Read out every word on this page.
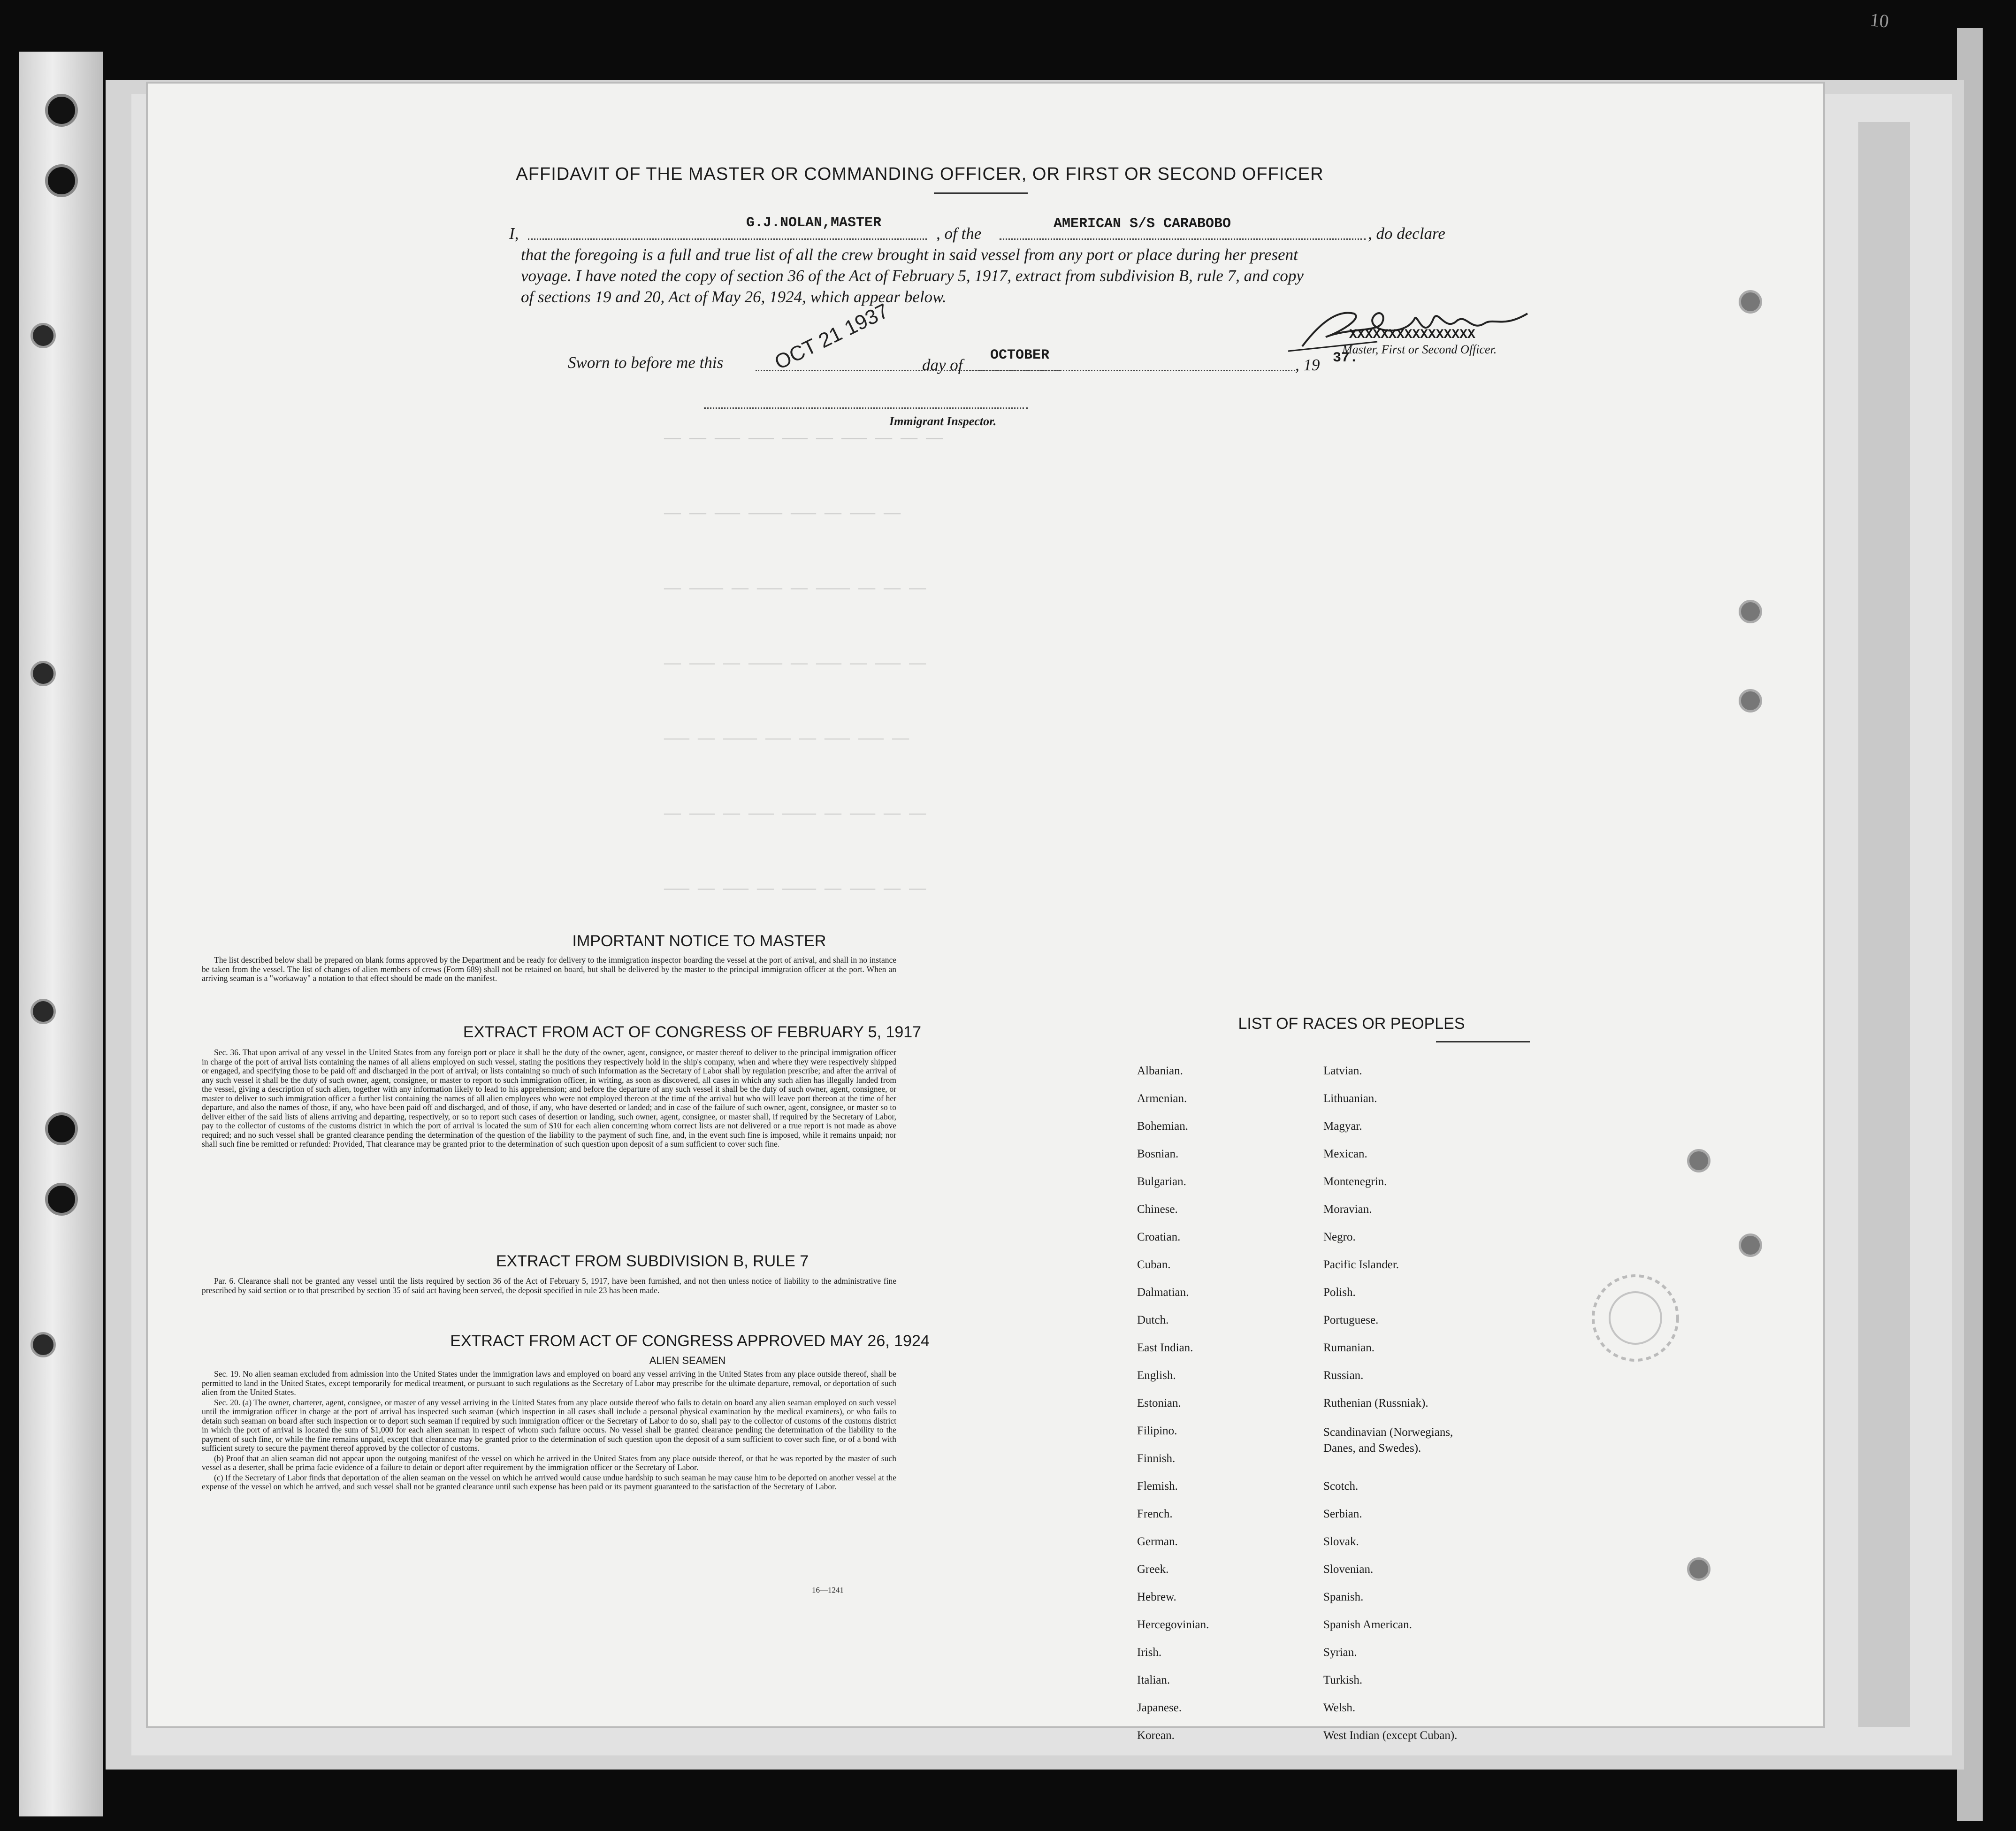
10
—— —— ——— ——— ——— —— ——— —— —— ——
—— —— ——— ———— ——— —— ——— ——
—— ———— —— ——— —— ———— —— —— ——
—— ——— —— ———— —— ——— —— ——— ——
——— —— ———— ——— —— ——— ——— ——
—— ——— —— ——— ———— —— ——— —— ——
——— —— ——— —— ———— —— ——— —— ——
AFFIDAVIT OF THE MASTER OR COMMANDING OFFICER, OR FIRST OR SECOND OFFICER
I,
G.J.NOLAN,MASTER
, of the
AMERICAN S/S CARABOBO
, do declare
that the foregoing is a full and true list of all the crew brought in said vessel from any port or place during her present
voyage. I have noted the copy of section 36 of the Act of February 5, 1917, extract from subdivision B, rule 7, and copy
of sections 19 and 20, Act of May 26, 1924, which appear below.
XXXXXXXXXXXXXXXX
Master, First or Second Officer.
Sworn to before me this OCT 21 1937 day of
OCTOBER
, 19 37.
Immigrant Inspector.
IMPORTANT NOTICE TO MASTER

The list described below shall be prepared on blank forms approved by the Department and be ready for delivery to the immigration inspector boarding the vessel at the port of arrival, and shall in no instance be taken from the vessel. The list of changes of alien members of crews (Form 689) shall not be retained on board, but shall be delivered by the master to the principal immigration officer at the port. When an arriving seaman is a "workaway" a notation to that effect should be made on the manifest.

EXTRACT FROM ACT OF CONGRESS OF FEBRUARY 5, 1917

Sec. 36. That upon arrival of any vessel in the United States from any foreign port or place it shall be the duty of the owner, agent, consignee, or master thereof to deliver to the principal immigration officer in charge of the port of arrival lists containing the names of all aliens employed on such vessel, stating the positions they respectively hold in the ship's company, when and where they were respectively shipped or engaged, and specifying those to be paid off and discharged in the port of arrival; or lists containing so much of such information as the Secretary of Labor shall by regulation prescribe; and after the arrival of any such vessel it shall be the duty of such owner, agent, consignee, or master to report to such immigration officer, in writing, as soon as discovered, all cases in which any such alien has illegally landed from the vessel, giving a description of such alien, together with any information likely to lead to his apprehension; and before the departure of any such vessel it shall be the duty of such owner, agent, consignee, or master to deliver to such immigration officer a further list containing the names of all alien employees who were not employed thereon at the time of the arrival but who will leave port thereon at the time of her departure, and also the names of those, if any, who have been paid off and discharged, and of those, if any, who have deserted or landed; and in case of the failure of such owner, agent, consignee, or master so to deliver either of the said lists of aliens arriving and departing, respectively, or so to report such cases of desertion or landing, such owner, agent, consignee, or master shall, if required by the Secretary of Labor, pay to the collector of customs of the customs district in which the port of arrival is located the sum of $10 for each alien concerning whom correct lists are not delivered or a true report is not made as above required; and no such vessel shall be granted clearance pending the determination of the question of the liability to the payment of such fine, and, in the event such fine is imposed, while it remains unpaid; nor shall such fine be remitted or refunded: Provided, That clearance may be granted prior to the determination of such question upon deposit of a sum sufficient to cover such fine.

EXTRACT FROM SUBDIVISION B, RULE 7

Par. 6. Clearance shall not be granted any vessel until the lists required by section 36 of the Act of February 5, 1917, have been furnished, and not then unless notice of liability to the administrative fine prescribed by said section or to that prescribed by section 35 of said act having been served, the deposit specified in rule 23 has been made.

EXTRACT FROM ACT OF CONGRESS APPROVED MAY 26, 1924
ALIEN SEAMEN

Sec. 19. No alien seaman excluded from admission into the United States under the immigration laws and employed on board any vessel arriving in the United States from any place outside thereof, shall be permitted to land in the United States, except temporarily for medical treatment, or pursuant to such regulations as the Secretary of Labor may prescribe for the ultimate departure, removal, or deportation of such alien from the United States.

Sec. 20. (a) The owner, charterer, agent, consignee, or master of any vessel arriving in the United States from any place outside thereof who fails to detain on board any alien seaman employed on such vessel until the immigration officer in charge at the port of arrival has inspected such seaman (which inspection in all cases shall include a personal physical examination by the medical examiners), or who fails to detain such seaman on board after such inspection or to deport such seaman if required by such immigration officer or the Secretary of Labor to do so, shall pay to the collector of customs of the customs district in which the port of arrival is located the sum of $1,000 for each alien seaman in respect of whom such failure occurs. No vessel shall be granted clearance pending the determination of the liability to the payment of such fine, or while the fine remains unpaid, except that clearance may be granted prior to the determination of such question upon the deposit of a sum sufficient to cover such fine, or of a bond with sufficient surety to secure the payment thereof approved by the collector of customs.

(b) Proof that an alien seaman did not appear upon the outgoing manifest of the vessel on which he arrived in the United States from any place outside thereof, or that he was reported by the master of such vessel as a deserter, shall be prima facie evidence of a failure to detain or deport after requirement by the immigration officer or the Secretary of Labor.

(c) If the Secretary of Labor finds that deportation of the alien seaman on the vessel on which he arrived would cause undue hardship to such seaman he may cause him to be deported on another vessel at the expense of the vessel on which he arrived, and such vessel shall not be granted clearance until such expense has been paid or its payment guaranteed to the satisfaction of the Secretary of Labor.

16—1241
LIST OF RACES OR PEOPLES
Albanian.
Armenian.
Bohemian.
Bosnian.
Bulgarian.
Chinese.
Croatian.
Cuban.
Dalmatian.
Dutch.
East Indian.
English.
Estonian.
Filipino.
Finnish.
Flemish.
French.
German.
Greek.
Hebrew.
Hercegovinian.
Irish.
Italian.
Japanese.
Korean.
Latvian.
Lithuanian.
Magyar.
Mexican.
Montenegrin.
Moravian.
Negro.
Pacific Islander.
Polish.
Portuguese.
Rumanian.
Russian.
Ruthenian (Russniak).
Scandinavian (Norwegians, Danes, and Swedes).
Scotch.
Serbian.
Slovak.
Slovenian.
Spanish.
Spanish American.
Syrian.
Turkish.
Welsh.
West Indian (except Cuban).
